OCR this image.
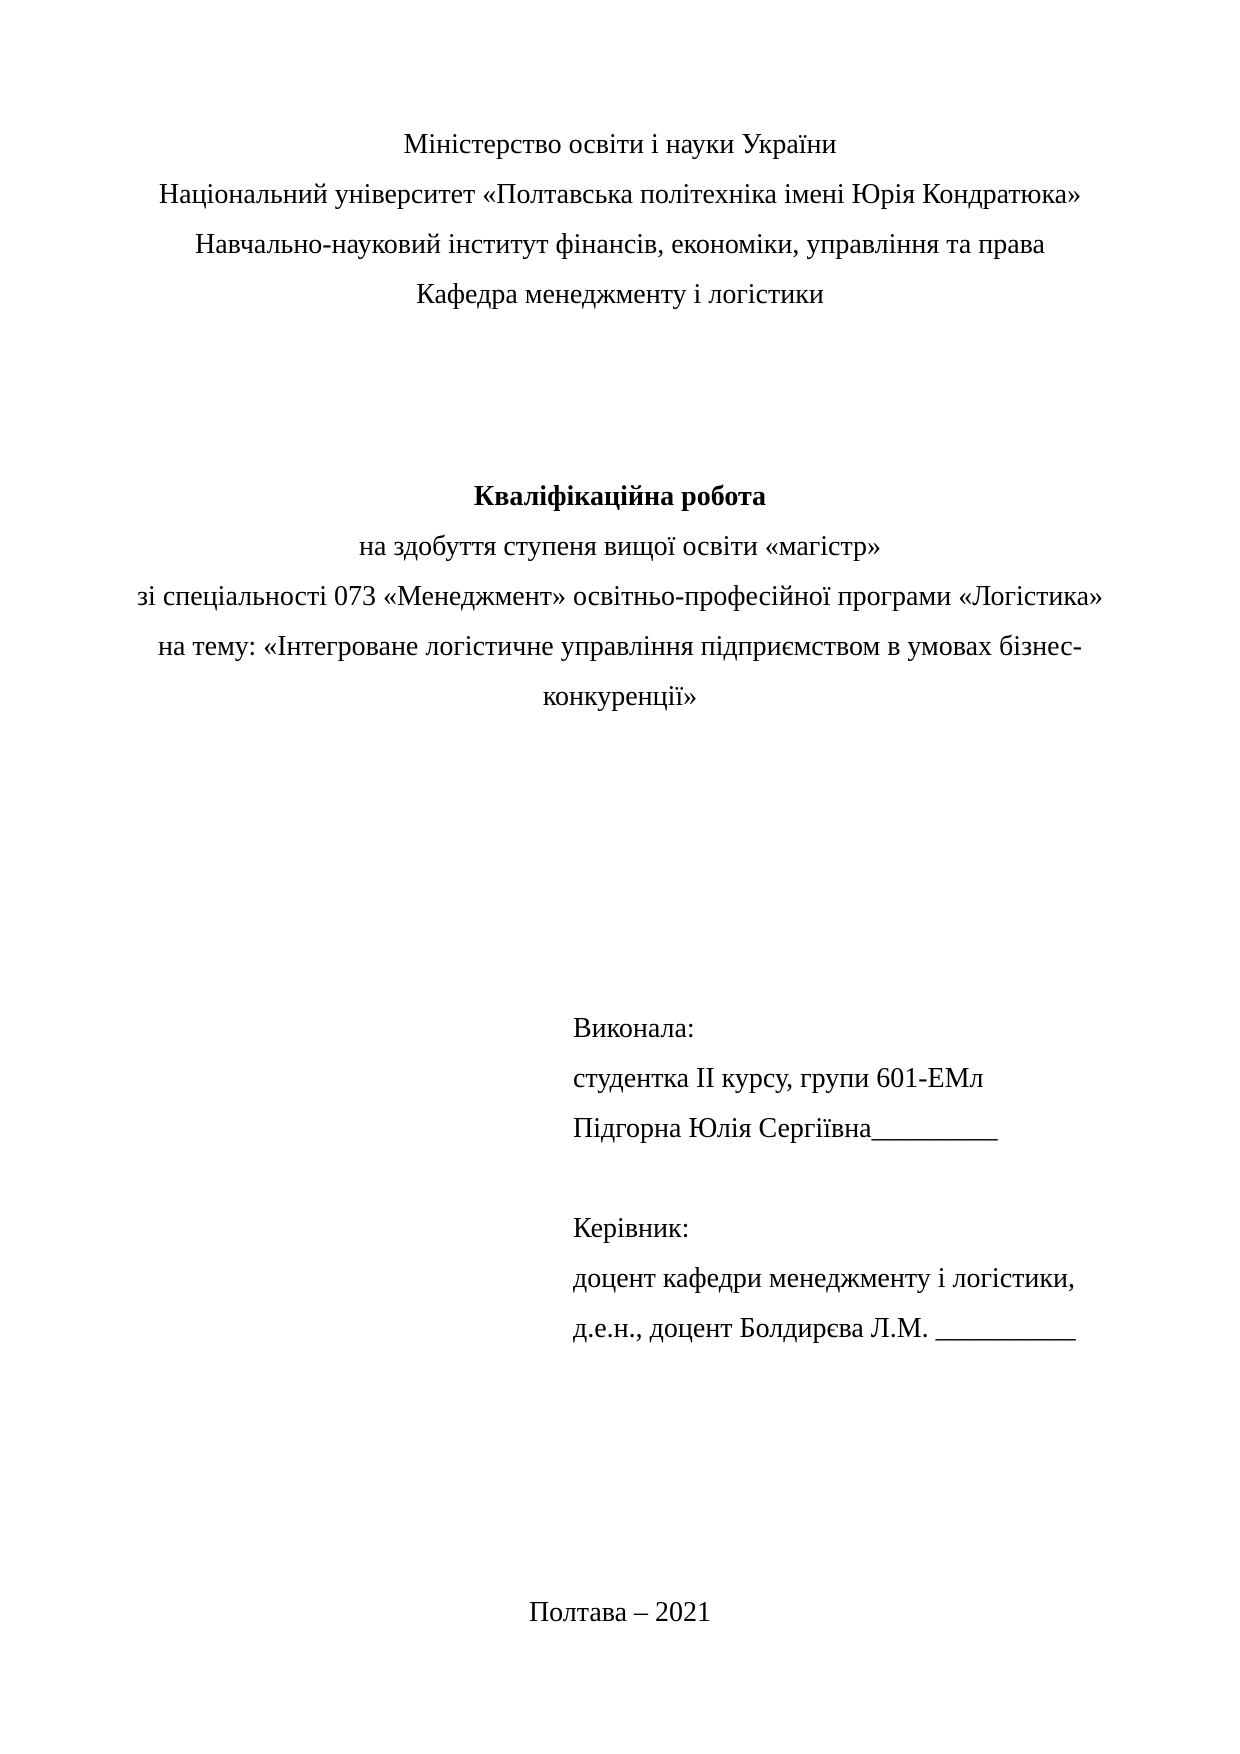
Міністерство освіти і науки України
Національний університет «Полтавська політехніка імені Юрія Кондратюка»
Навчально-науковий інститут фінансів, економіки, управління та права
Кафедра менеджменту і логістики
Кваліфікаційна робота
на здобуття ступеня вищої освіти «магістр»
зі спеціальності 073 «Менеджмент» освітньо-професійної програми «Логістика»
на тему: «Інтегроване логістичне управління підприємством в умовах бізнес-
конкуренції»
Виконала:
студентка ІІ курсу, групи 601-ЕМл
Підгорна Юлія Сергіївна_________
Керівник:
доцент кафедри менеджменту і логістики,
д.е.н., доцент Болдирєва Л.М. __________
Полтава – 2021
